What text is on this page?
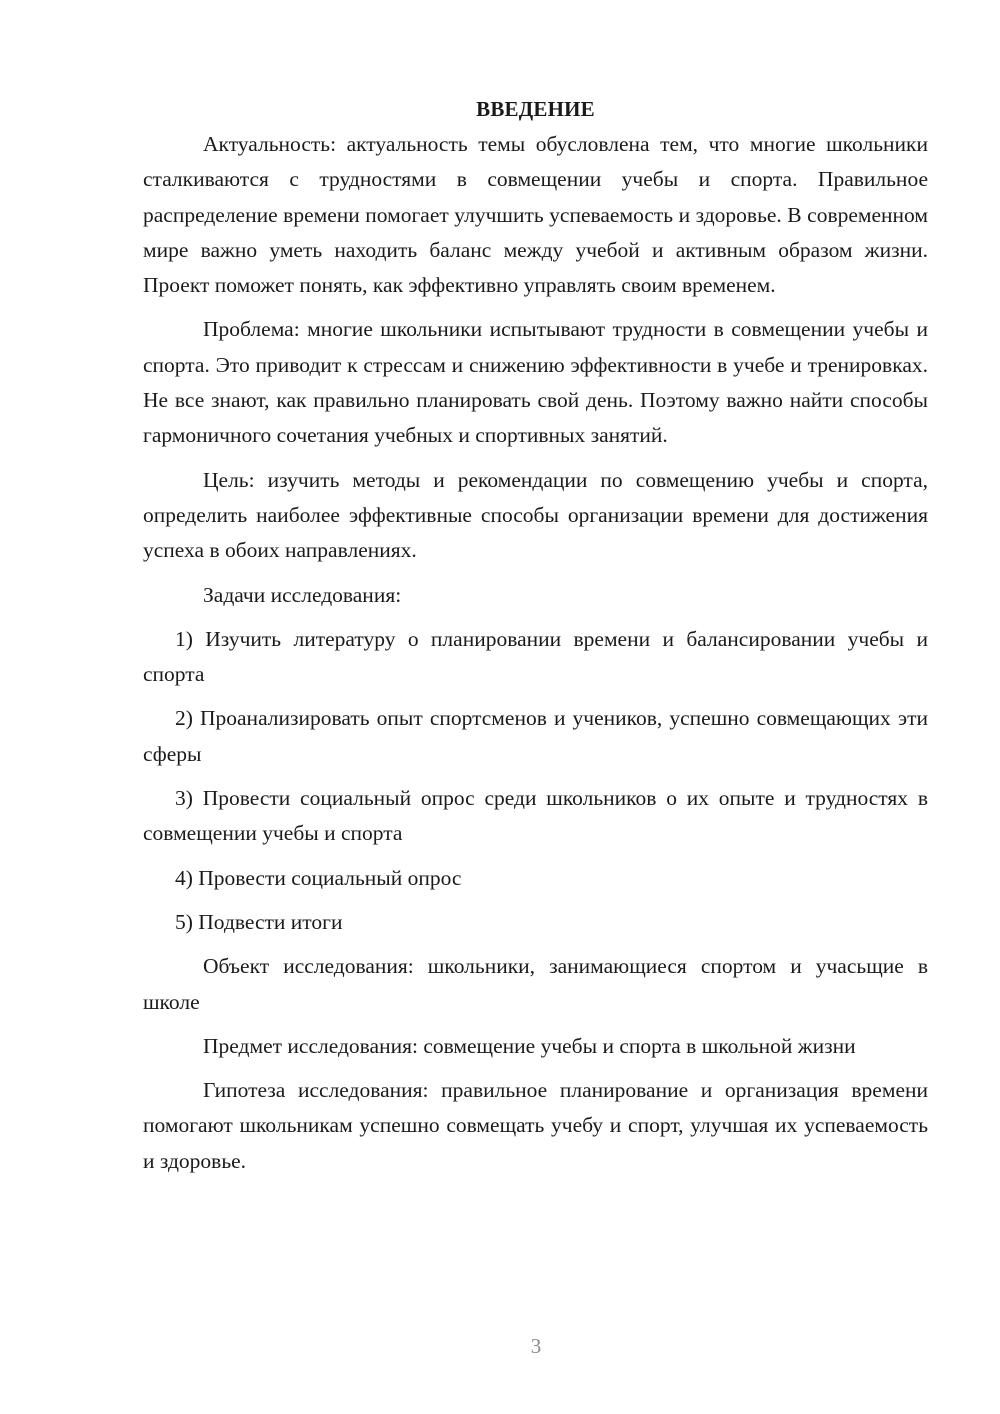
ВВЕДЕНИЕ

Актуальность: актуальность темы обусловлена тем, что многие школьники сталкиваются с трудностями в совмещении учебы и спорта. Правильное распределение времени помогает улучшить успеваемость и здоровье. В современном мире важно уметь находить баланс между учебой и активным образом жизни. Проект поможет понять, как эффективно управлять своим временем.

Проблема: многие школьники испытывают трудности в совмещении учебы и спорта. Это приводит к стрессам и снижению эффективности в учебе и тренировках. Не все знают, как правильно планировать свой день. Поэтому важно найти способы гармоничного сочетания учебных и спортивных занятий.

Цель: изучить методы и рекомендации по совмещению учебы и спорта, определить наиболее эффективные способы организации времени для достижения успеха в обоих направлениях.

Задачи исследования:

1) Изучить литературу о планировании времени и балансировании учебы и спорта

2) Проанализировать опыт спортсменов и учеников, успешно совмещающих эти сферы

3) Провести социальный опрос среди школьников о их опыте и трудностях в совмещении учебы и спорта

4) Провести социальный опрос

5) Подвести итоги

Объект исследования: школьники, занимающиеся спортом и учасьщие в школе

Предмет исследования: совмещение учебы и спорта в школьной жизни

Гипотеза исследования: правильное планирование и организация времени помогают школьникам успешно совмещать учебу и спорт, улучшая их успеваемость и здоровье.

3
